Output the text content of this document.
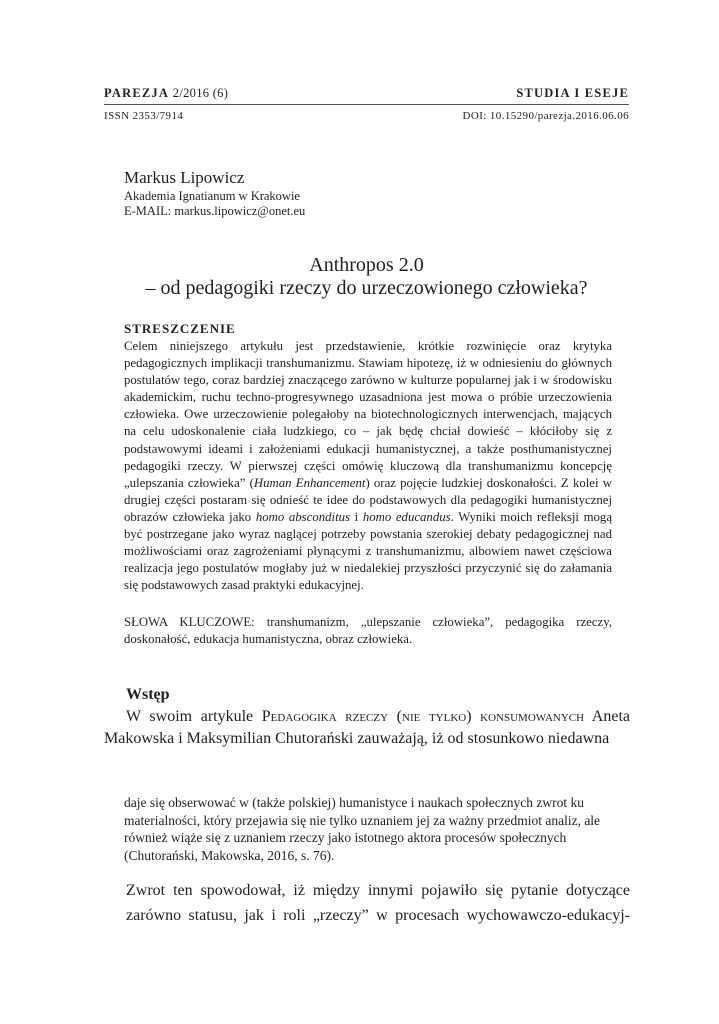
PAREZJA 2/2016 (6)	STUDIA I ESEJE
ISSN 2353/7914	DOI: 10.15290/parezja.2016.06.06
Markus Lipowicz
Akademia Ignatianum w Krakowie
E-MAIL: markus.lipowicz@onet.eu
Anthropos 2.0
– od pedagogiki rzeczy do urzeczowionego człowieka?
STRESZCZENIE

Celem niniejszego artykułu jest przedstawienie, krótkie rozwinięcie oraz krytyka pedagogicznych implikacji transhumanizmu. Stawiam hipotezę, iż w odniesieniu do głównych postulatów tego, coraz bardziej znaczącego zarówno w kulturze popularnej jak i w środowisku akademickim, ruchu techno-progresywnego uzasadniona jest mowa o próbie urzeczowienia człowieka. Owe urzeczowienie polegałoby na biotechnologicznych interwencjach, mających na celu udoskonalenie ciała ludzkiego, co – jak będę chciał dowieść – kłóciłoby się z podstawowymi ideami i założeniami edukacji humanistycznej, a także posthumanistycznej pedagogiki rzeczy. W pierwszej części omówię kluczową dla transhumanizmu koncepcję „ulepszania człowieka” (Human Enhancement) oraz pojęcie ludzkiej doskonałości. Z kolei w drugiej części postaram się odnieść te idee do podstawowych dla pedagogiki humanistycznej obrazów człowieka jako homo absconditus i homo educandus. Wyniki moich refleksji mogą być postrzegane jako wyraz naglącej potrzeby powstania szerokiej debaty pedagogicznej nad możliwościami oraz zagrożeniami płynącymi z transhumanizmu, albowiem nawet częściowa realizacja jego postulatów mogłaby już w niedalekiej przyszłości przyczynić się do załamania się podstawowych zasad praktyki edukacyjnej.

SŁOWA KLUCZOWE: transhumanizm, „ulepszanie człowieka”, pedagogika rzeczy, doskonałość, edukacja humanistyczna, obraz człowieka.
Wstęp
W swoim artykule Pedagogika rzeczy (nie tylko) konsumowanych Aneta Makowska i Maksymilian Chutorański zauważają, iż od stosunkowo niedawna
daje się obserwować w (także polskiej) humanistyce i naukach społecznych zwrot ku materialności, który przejawia się nie tylko uznaniem jej za ważny przedmiot analiz, ale również wiąże się z uznaniem rzeczy jako istotnego aktora procesów społecznych (Chutorański, Makowska, 2016, s. 76).
Zwrot ten spowodował, iż między innymi pojawiło się pytanie dotyczące
zarówno statusu, jak i roli „rzeczy” w procesach wychowawczo-edukacyj-
